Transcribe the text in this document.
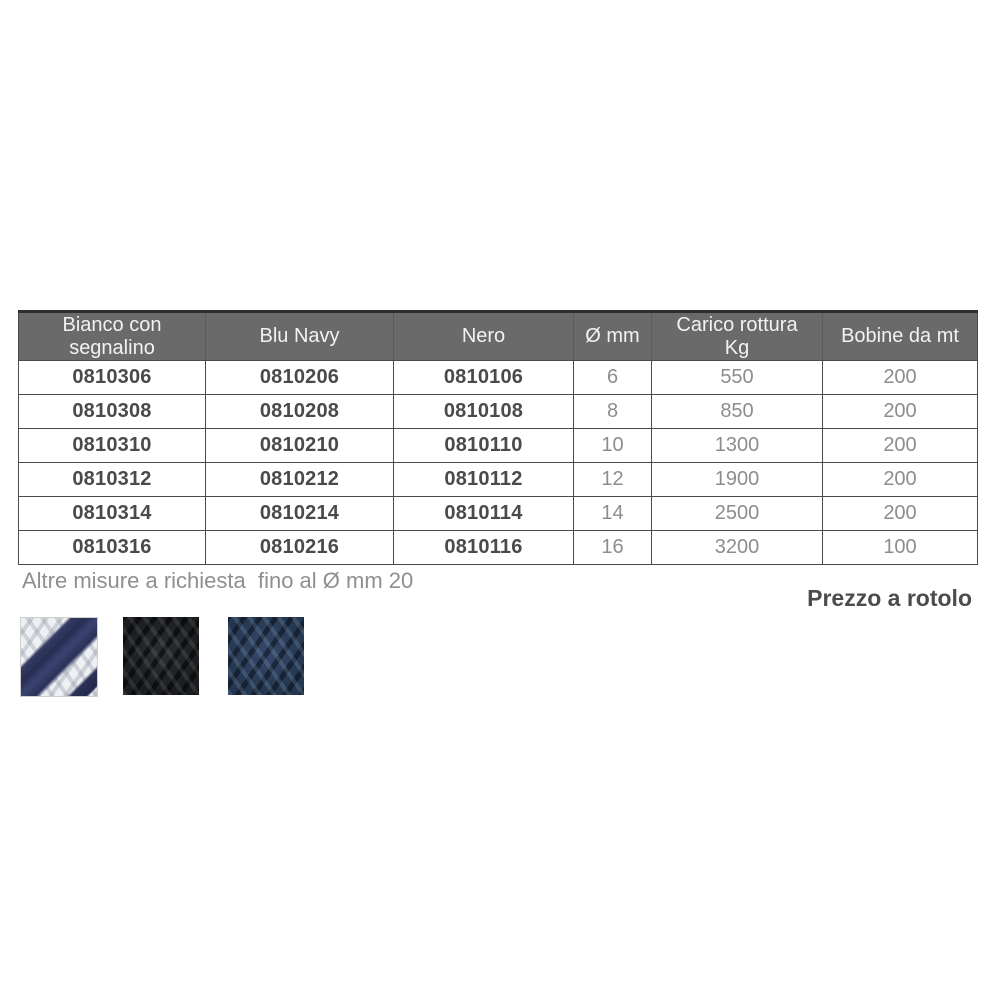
Bianco con segnalino	Blu Navy	Nero	Ø mm	Carico rottura Kg	Bobine da mt
0810306	0810206	0810106	6	550	200
0810308	0810208	0810108	8	850	200
0810310	0810210	0810110	10	1300	200
0810312	0810212	0810112	12	1900	200
0810314	0810214	0810114	14	2500	200
0810316	0810216	0810116	16	3200	100
Altre misure a richiesta  fino al Ø mm 20
Prezzo a rotolo
